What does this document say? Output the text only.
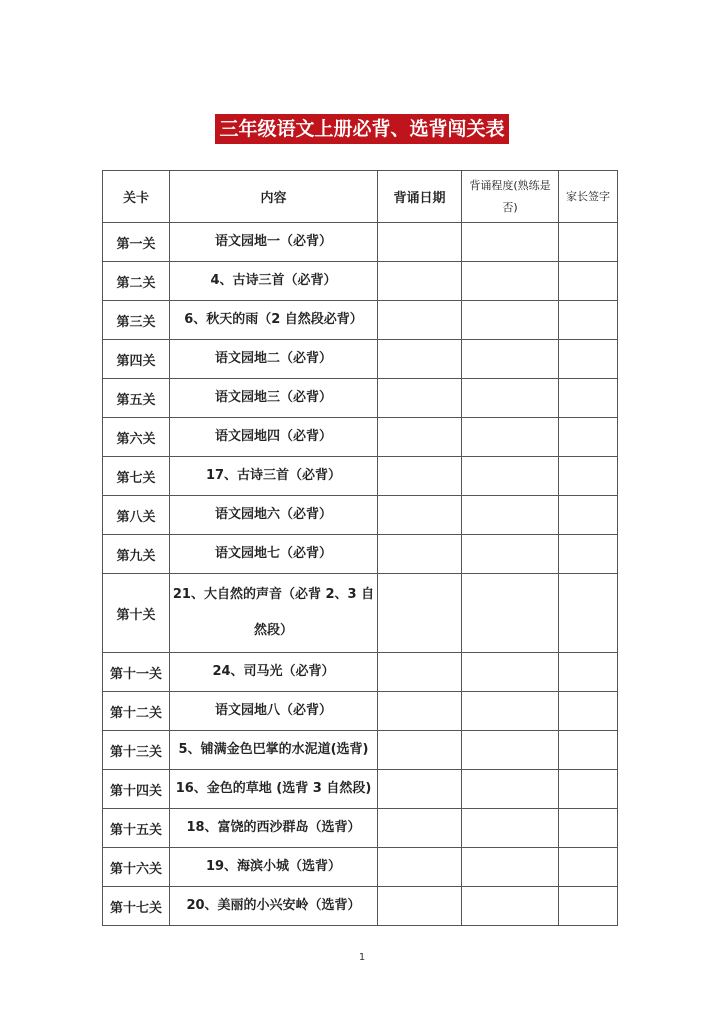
三年级语文上册必背、选背闯关表
关卡	内容	背诵日期	背诵程度(熟练是否)	家长签字
第一关	语文园地一（必背）			
第二关	4、古诗三首（必背）			
第三关	6、秋天的雨（2 自然段必背）			
第四关	语文园地二（必背）			
第五关	语文园地三（必背）			
第六关	语文园地四（必背）			
第七关	17、古诗三首（必背）			
第八关	语文园地六（必背）			
第九关	语文园地七（必背）			
第十关	21、大自然的声音（必背 2、3 自然段）			
第十一关	24、司马光（必背）			
第十二关	语文园地八（必背）			
第十三关	5、铺满金色巴掌的水泥道(选背)			
第十四关	16、金色的草地 (选背 3 自然段)			
第十五关	18、富饶的西沙群岛（选背）			
第十六关	19、海滨小城（选背）			
第十七关	20、美丽的小兴安岭（选背）			
1
